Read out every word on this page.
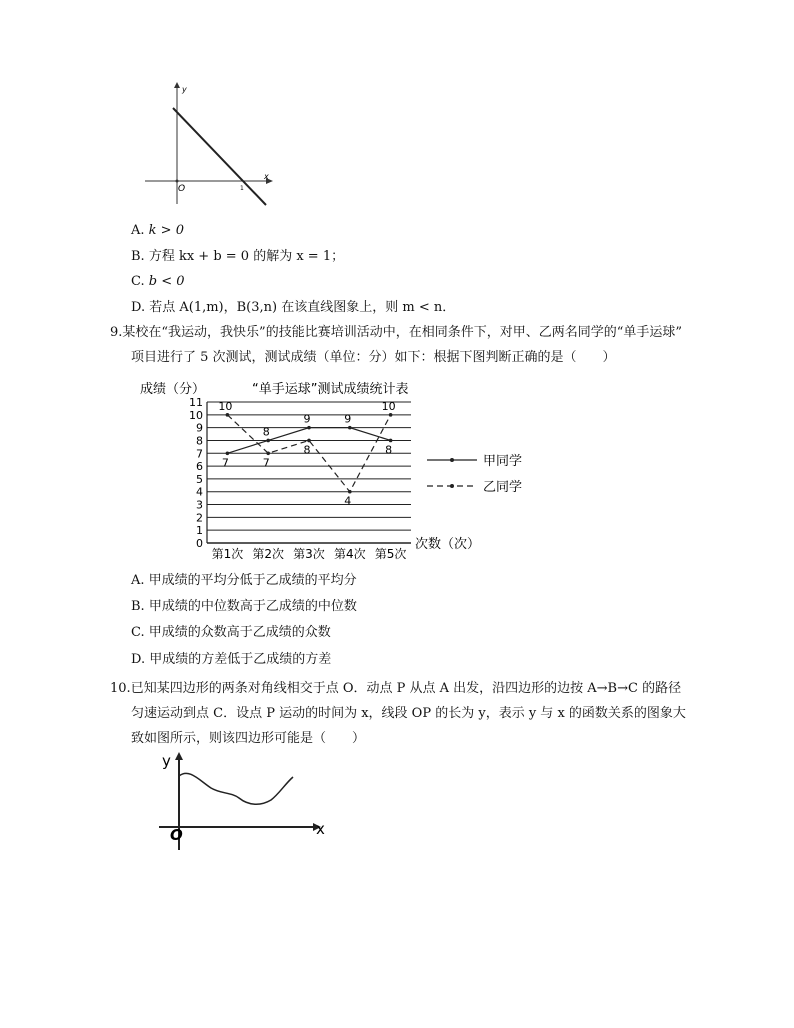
y
x
O	1
A. k > 0
B. 方程 kx + b = 0 的解为 x = 1；
C. b < 0
D. 若点 A(1,m)，B(3,n) 在该直线图象上，则 m < n．
9.某校在“我运动，我快乐”的技能比赛培训活动中，在相同条件下，对甲、乙两名同学的“单手运球”
项目进行了 5 次测试，测试成绩（单位：分）如下：根据下图判断正确的是（　　）
0
1
2
3
4
5
6
7
8
9
10
11
第1次 第2次 第3次 第4次 第5次
7
8
9	9
8
10
7
8
4
10
成绩（分）	“单手运球”测试成绩统计表
次数（次）
甲同学
乙同学
A. 甲成绩的平均分低于乙成绩的平均分
B. 甲成绩的中位数高于乙成绩的中位数
C. 甲成绩的众数高于乙成绩的众数
D. 甲成绩的方差低于乙成绩的方差
10.已知某四边形的两条对角线相交于点 O．动点 P 从点 A 出发，沿四边形的边按 A→B→C 的路径
匀速运动到点 C．设点 P 运动的时间为 x，线段 OP 的长为 y，表示 y 与 x 的函数关系的图象大
致如图所示，则该四边形可能是（　　）
y
x
O
